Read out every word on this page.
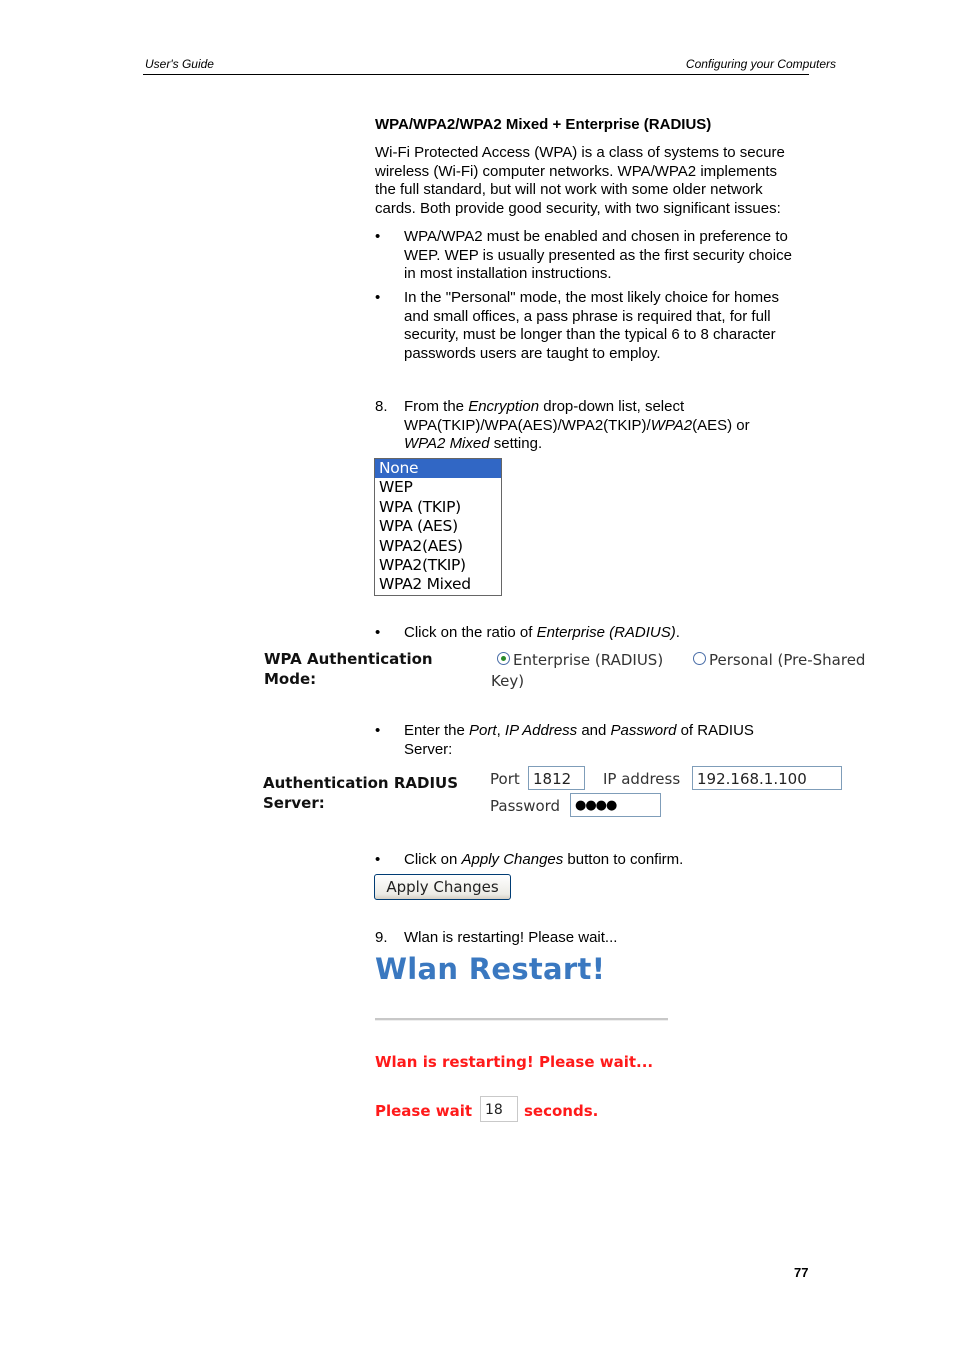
User's Guide	Configuring your Computers
WPA/WPA2/WPA2 Mixed + Enterprise (RADIUS)
Wi-Fi Protected Access (WPA) is a class of systems to secure
wireless (Wi-Fi) computer networks. WPA/WPA2 implements
the full standard, but will not work with some older network
cards. Both provide good security, with two significant issues:
• WPA/WPA2 must be enabled and chosen in preference to
WEP. WEP is usually presented as the first security choice
in most installation instructions.
• In the "Personal" mode, the most likely choice for homes
and small offices, a pass phrase is required that, for full
security, must be longer than the typical 6 to 8 character
passwords users are taught to employ.
8. From the Encryption drop-down list, select
WPA(TKIP)/WPA(AES)/WPA2(TKIP)/WPA2(AES) or
WPA2 Mixed setting.
None
WEP
WPA (TKIP)
WPA (AES)
WPA2(AES)
WPA2(TKIP)
WPA2 Mixed
• Click on the ratio of Enterprise (RADIUS).
WPA Authentication
Mode:
Enterprise (RADIUS)	Personal (Pre-Shared
Key)
• Enter the Port, IP Address and Password of RADIUS
Server:
Authentication RADIUS
Server:
Port 1812	IP address	192.168.1.100
Password	●●●●
• Click on Apply Changes button to confirm.
Apply Changes
9. Wlan is restarting! Please wait...
Wlan Restart!
Wlan is restarting! Please wait...
Please wait 18	seconds.
77
